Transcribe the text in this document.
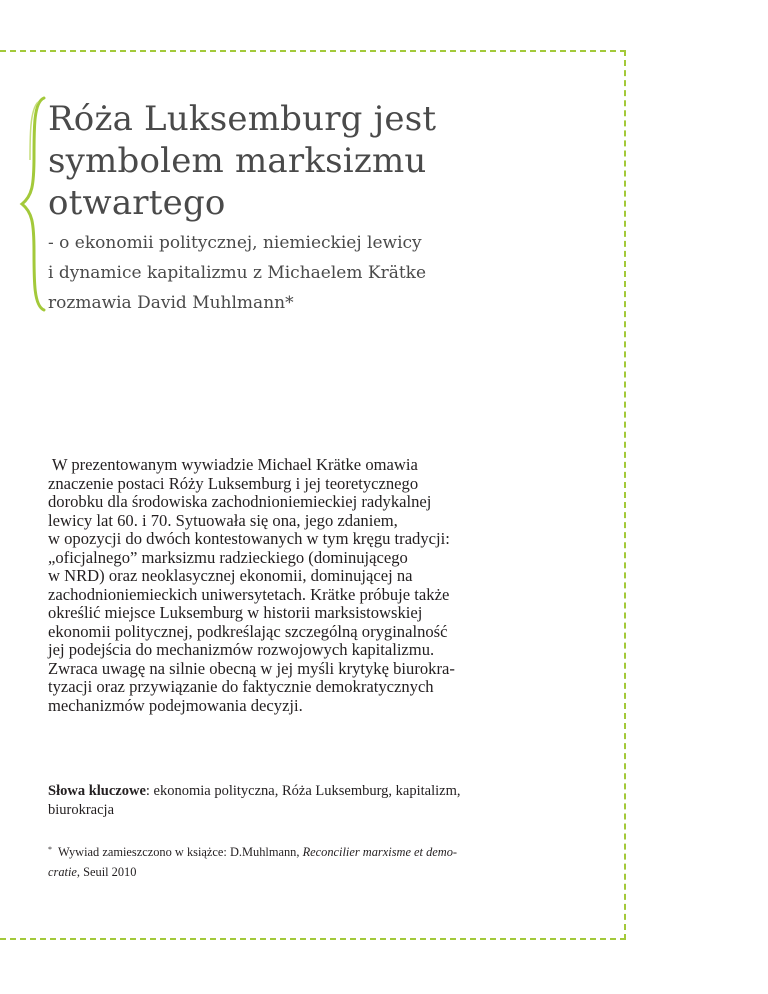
Róża Luksemburg jest
symbolem marksizmu
otwartego
- o ekonomii politycznej, niemieckiej lewicy
i dynamice kapitalizmu z Michaelem Krätke
rozmawia David Muhlmann*
W prezentowanym wywiadzie Michael Krätke omawia
znaczenie postaci Róży Luksemburg i jej teoretycznego
dorobku dla środowiska zachodnioniemieckiej radykalnej
lewicy lat 60. i 70. Sytuowała się ona, jego zdaniem,
w opozycji do dwóch kontestowanych w tym kręgu tradycji:
„oficjalnego” marksizmu radzieckiego (dominującego
w NRD) oraz neoklasycznej ekonomii, dominującej na
zachodnioniemieckich uniwersytetach. Krätke próbuje także
określić miejsce Luksemburg w historii marksistowskiej
ekonomii politycznej, podkreślając szczególną oryginalność
jej podejścia do mechanizmów rozwojowych kapitalizmu.
Zwraca uwagę na silnie obecną w jej myśli krytykę biurokra-
tyzacji oraz przywiązanie do faktycznie demokratycznych
mechanizmów podejmowania decyzji.
Słowa kluczowe: ekonomia polityczna, Róża Luksemburg, kapitalizm,
biurokracja
* Wywiad zamieszczono w książce: D.Muhlmann, Reconcilier marxisme et demo-
cratie, Seuil 2010
